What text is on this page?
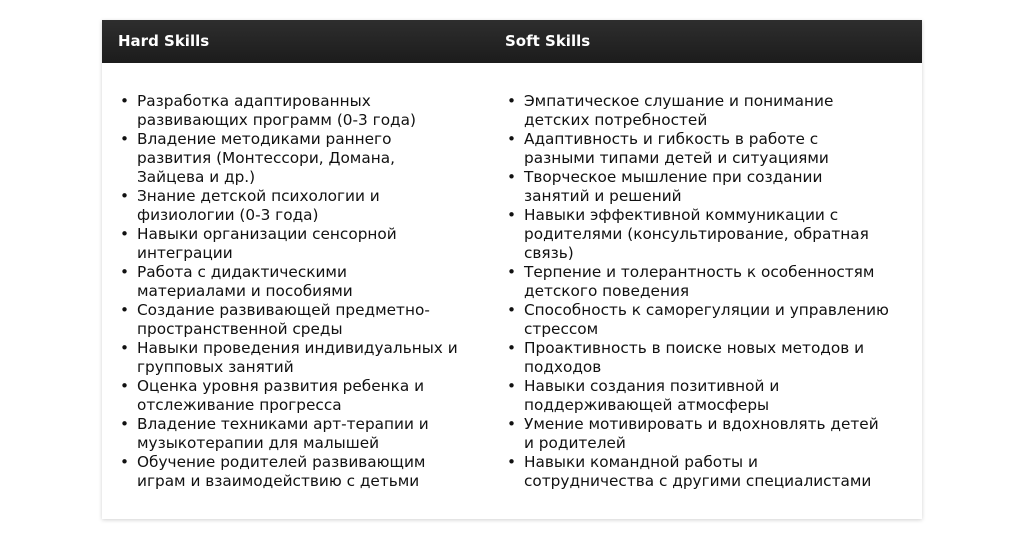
Hard Skills	Soft Skills
• Разработка адаптированных
развивающих программ (0-3 года)
• Владение методиками раннего
развития (Монтессори, Домана,
Зайцева и др.)
• Знание детской психологии и
физиологии (0-3 года)
• Навыки организации сенсорной
интеграции
• Работа с дидактическими
материалами и пособиями
• Создание развивающей предметно-
пространственной среды
• Навыки проведения индивидуальных и
групповых занятий
• Оценка уровня развития ребенка и
отслеживание прогресса
• Владение техниками арт-терапии и
музыкотерапии для малышей
• Обучение родителей развивающим
играм и взаимодействию с детьми
• Эмпатическое слушание и понимание
детских потребностей
• Адаптивность и гибкость в работе с
разными типами детей и ситуациями
• Творческое мышление при создании
занятий и решений
• Навыки эффективной коммуникации с
родителями (консультирование, обратная
связь)
• Терпение и толерантность к особенностям
детского поведения
• Способность к саморегуляции и управлению
стрессом
• Проактивность в поиске новых методов и
подходов
• Навыки создания позитивной и
поддерживающей атмосферы
• Умение мотивировать и вдохновлять детей
и родителей
• Навыки командной работы и
сотрудничества с другими специалистами
